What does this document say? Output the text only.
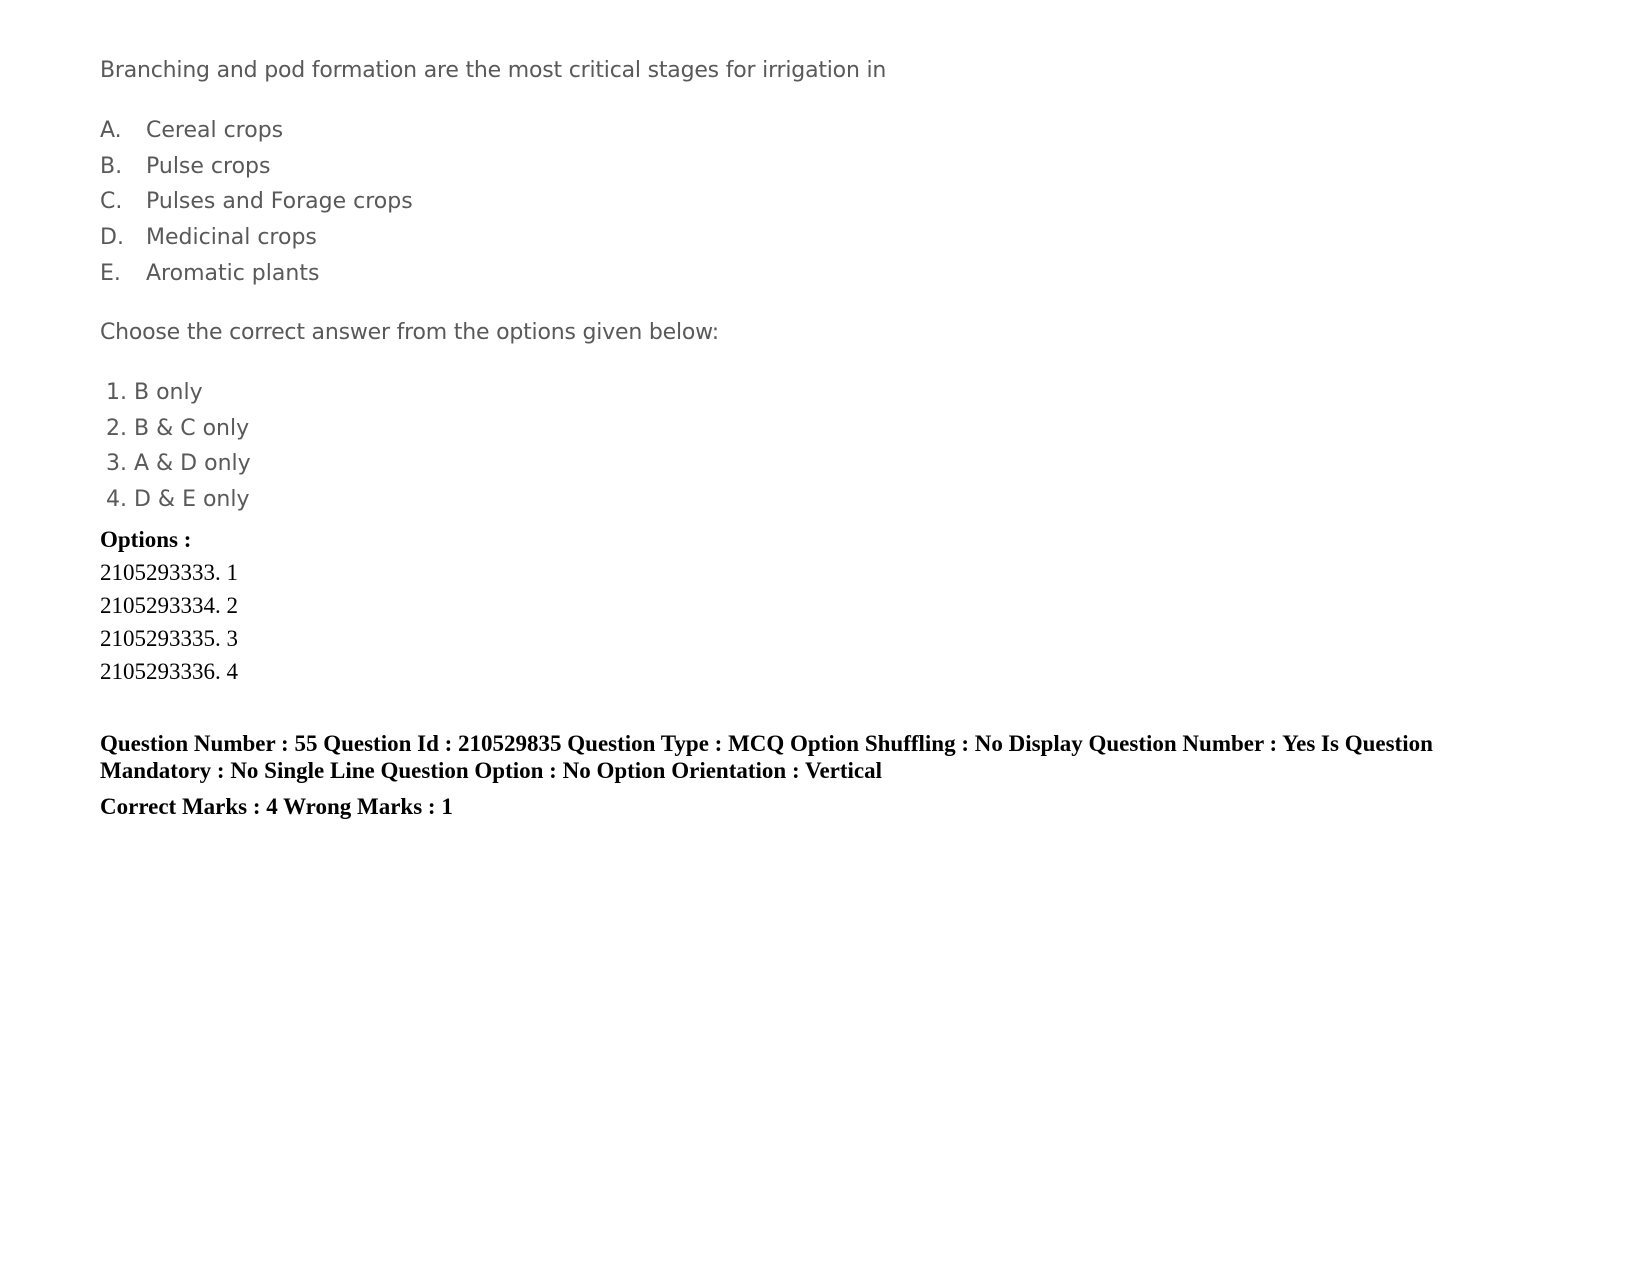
Branching and pod formation are the most critical stages for irrigation in
A. Cereal crops
B. Pulse crops
C. Pulses and Forage crops
D. Medicinal crops
E. Aromatic plants
Choose the correct answer from the options given below:
1. B only
2. B & C only
3. A & D only
4. D & E only
Options :
2105293333. 1
2105293334. 2
2105293335. 3
2105293336. 4
Question Number : 55 Question Id : 210529835 Question Type : MCQ Option Shuffling : No Display Question Number : Yes Is Question Mandatory : No Single Line Question Option : No Option Orientation : Vertical
Correct Marks : 4 Wrong Marks : 1
